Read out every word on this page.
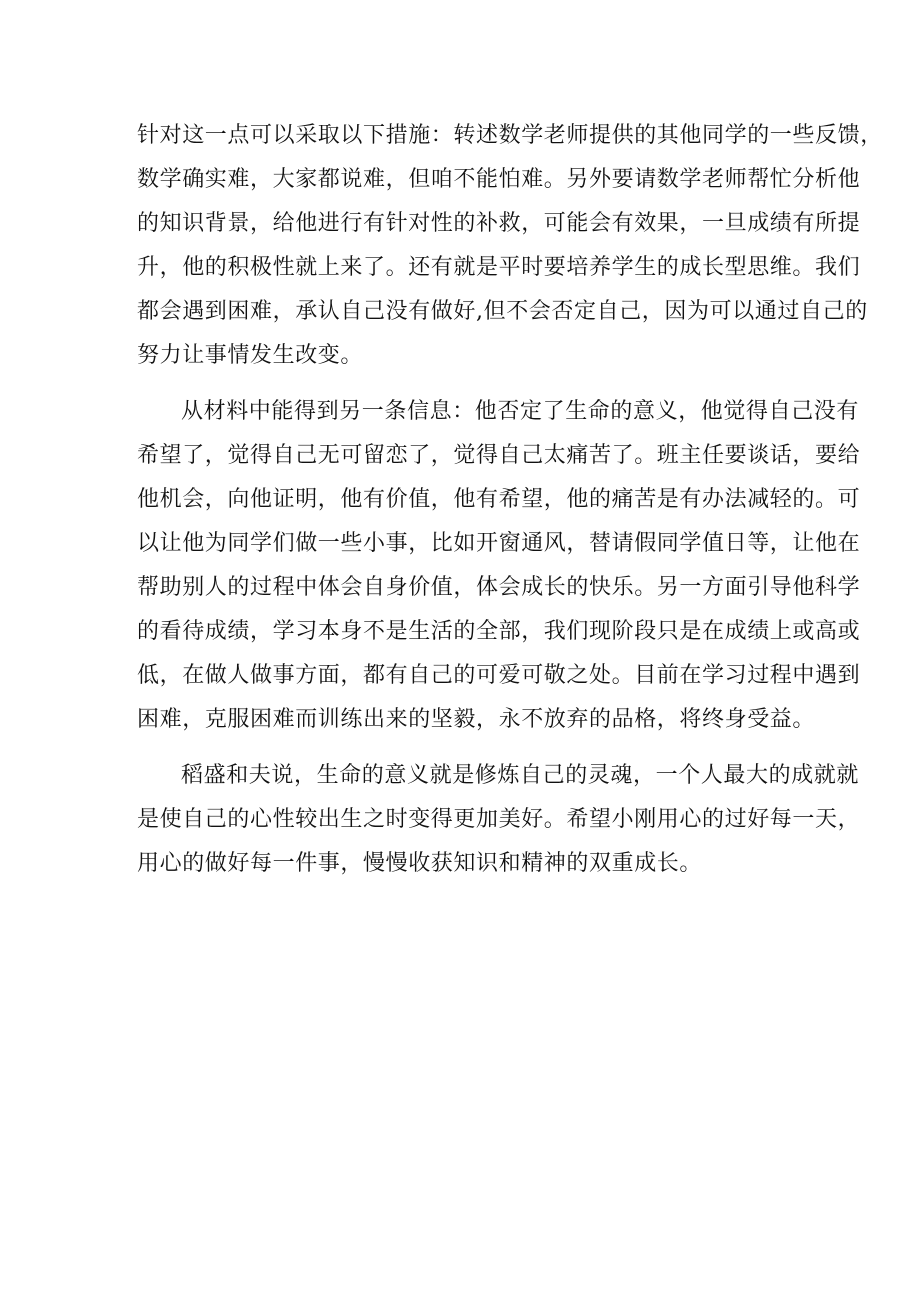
针对这一点可以采取以下措施：转述数学老师提供的其他同学的一些反馈，
数学确实难，大家都说难，但咱不能怕难。另外要请数学老师帮忙分析他
的知识背景，给他进行有针对性的补救，可能会有效果，一旦成绩有所提
升，他的积极性就上来了。还有就是平时要培养学生的成长型思维。我们
都会遇到困难，承认自己没有做好,但不会否定自己，因为可以通过自己的
努力让事情发生改变。
从材料中能得到另一条信息：他否定了生命的意义，他觉得自己没有
希望了，觉得自己无可留恋了，觉得自己太痛苦了。班主任要谈话，要给
他机会，向他证明，他有价值，他有希望，他的痛苦是有办法减轻的。可
以让他为同学们做一些小事，比如开窗通风，替请假同学值日等，让他在
帮助别人的过程中体会自身价值，体会成长的快乐。另一方面引导他科学
的看待成绩，学习本身不是生活的全部，我们现阶段只是在成绩上或高或
低，在做人做事方面，都有自己的可爱可敬之处。目前在学习过程中遇到
困难，克服困难而训练出来的坚毅，永不放弃的品格，将终身受益。
稻盛和夫说，生命的意义就是修炼自己的灵魂，一个人最大的成就就
是使自己的心性较出生之时变得更加美好。希望小刚用心的过好每一天，
用心的做好每一件事，慢慢收获知识和精神的双重成长。
